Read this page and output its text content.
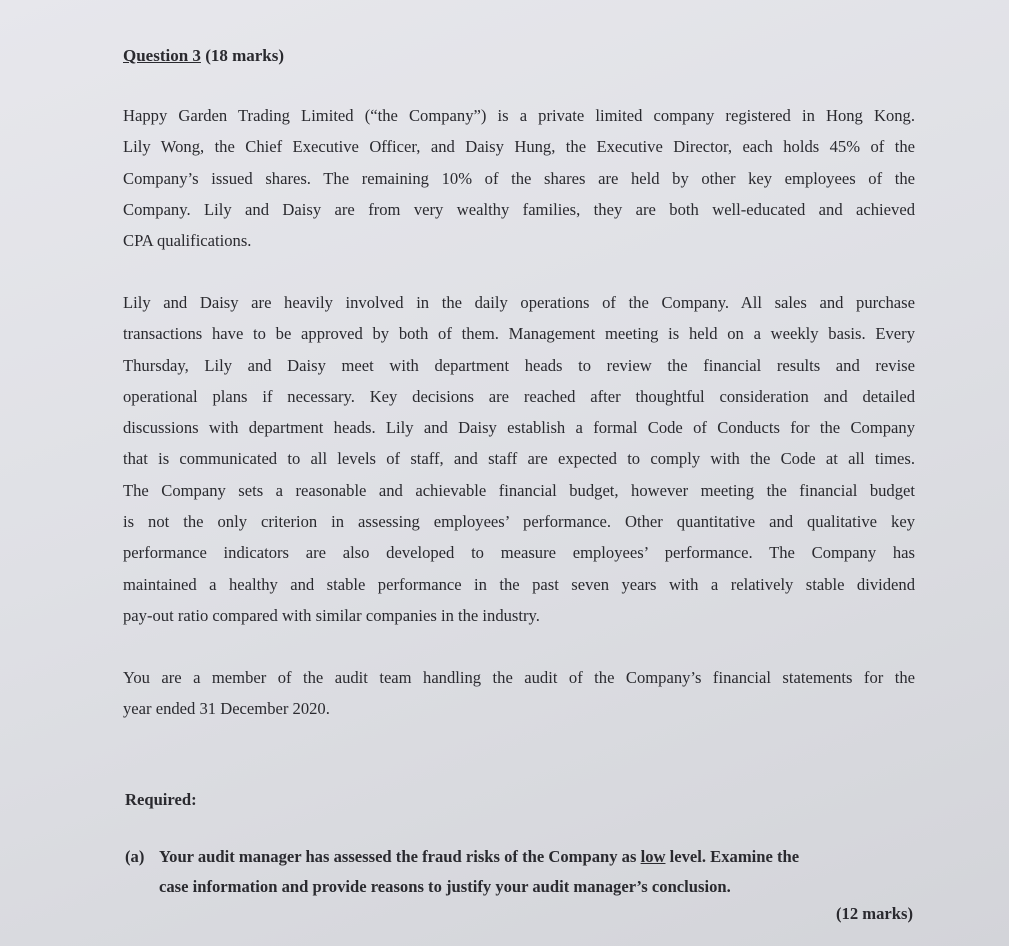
Question 3 (18 marks)
Happy Garden Trading Limited (“the Company”) is a private limited company registered in Hong Kong.
Lily Wong, the Chief Executive Officer, and Daisy Hung, the Executive Director, each holds 45% of the
Company’s issued shares. The remaining 10% of the shares are held by other key employees of the
Company. Lily and Daisy are from very wealthy families, they are both well-educated and achieved
CPA qualifications.
Lily and Daisy are heavily involved in the daily operations of the Company. All sales and purchase
transactions have to be approved by both of them. Management meeting is held on a weekly basis. Every
Thursday, Lily and Daisy meet with department heads to review the financial results and revise
operational plans if necessary. Key decisions are reached after thoughtful consideration and detailed
discussions with department heads. Lily and Daisy establish a formal Code of Conducts for the Company
that is communicated to all levels of staff, and staff are expected to comply with the Code at all times.
The Company sets a reasonable and achievable financial budget, however meeting the financial budget
is not the only criterion in assessing employees’ performance. Other quantitative and qualitative key
performance indicators are also developed to measure employees’ performance. The Company has
maintained a healthy and stable performance in the past seven years with a relatively stable dividend
pay-out ratio compared with similar companies in the industry.
You are a member of the audit team handling the audit of the Company’s financial statements for the
year ended 31 December 2020.
Required:
(a) Your audit manager has assessed the fraud risks of the Company as low level. Examine the
case information and provide reasons to justify your audit manager’s conclusion.
(12 marks)
